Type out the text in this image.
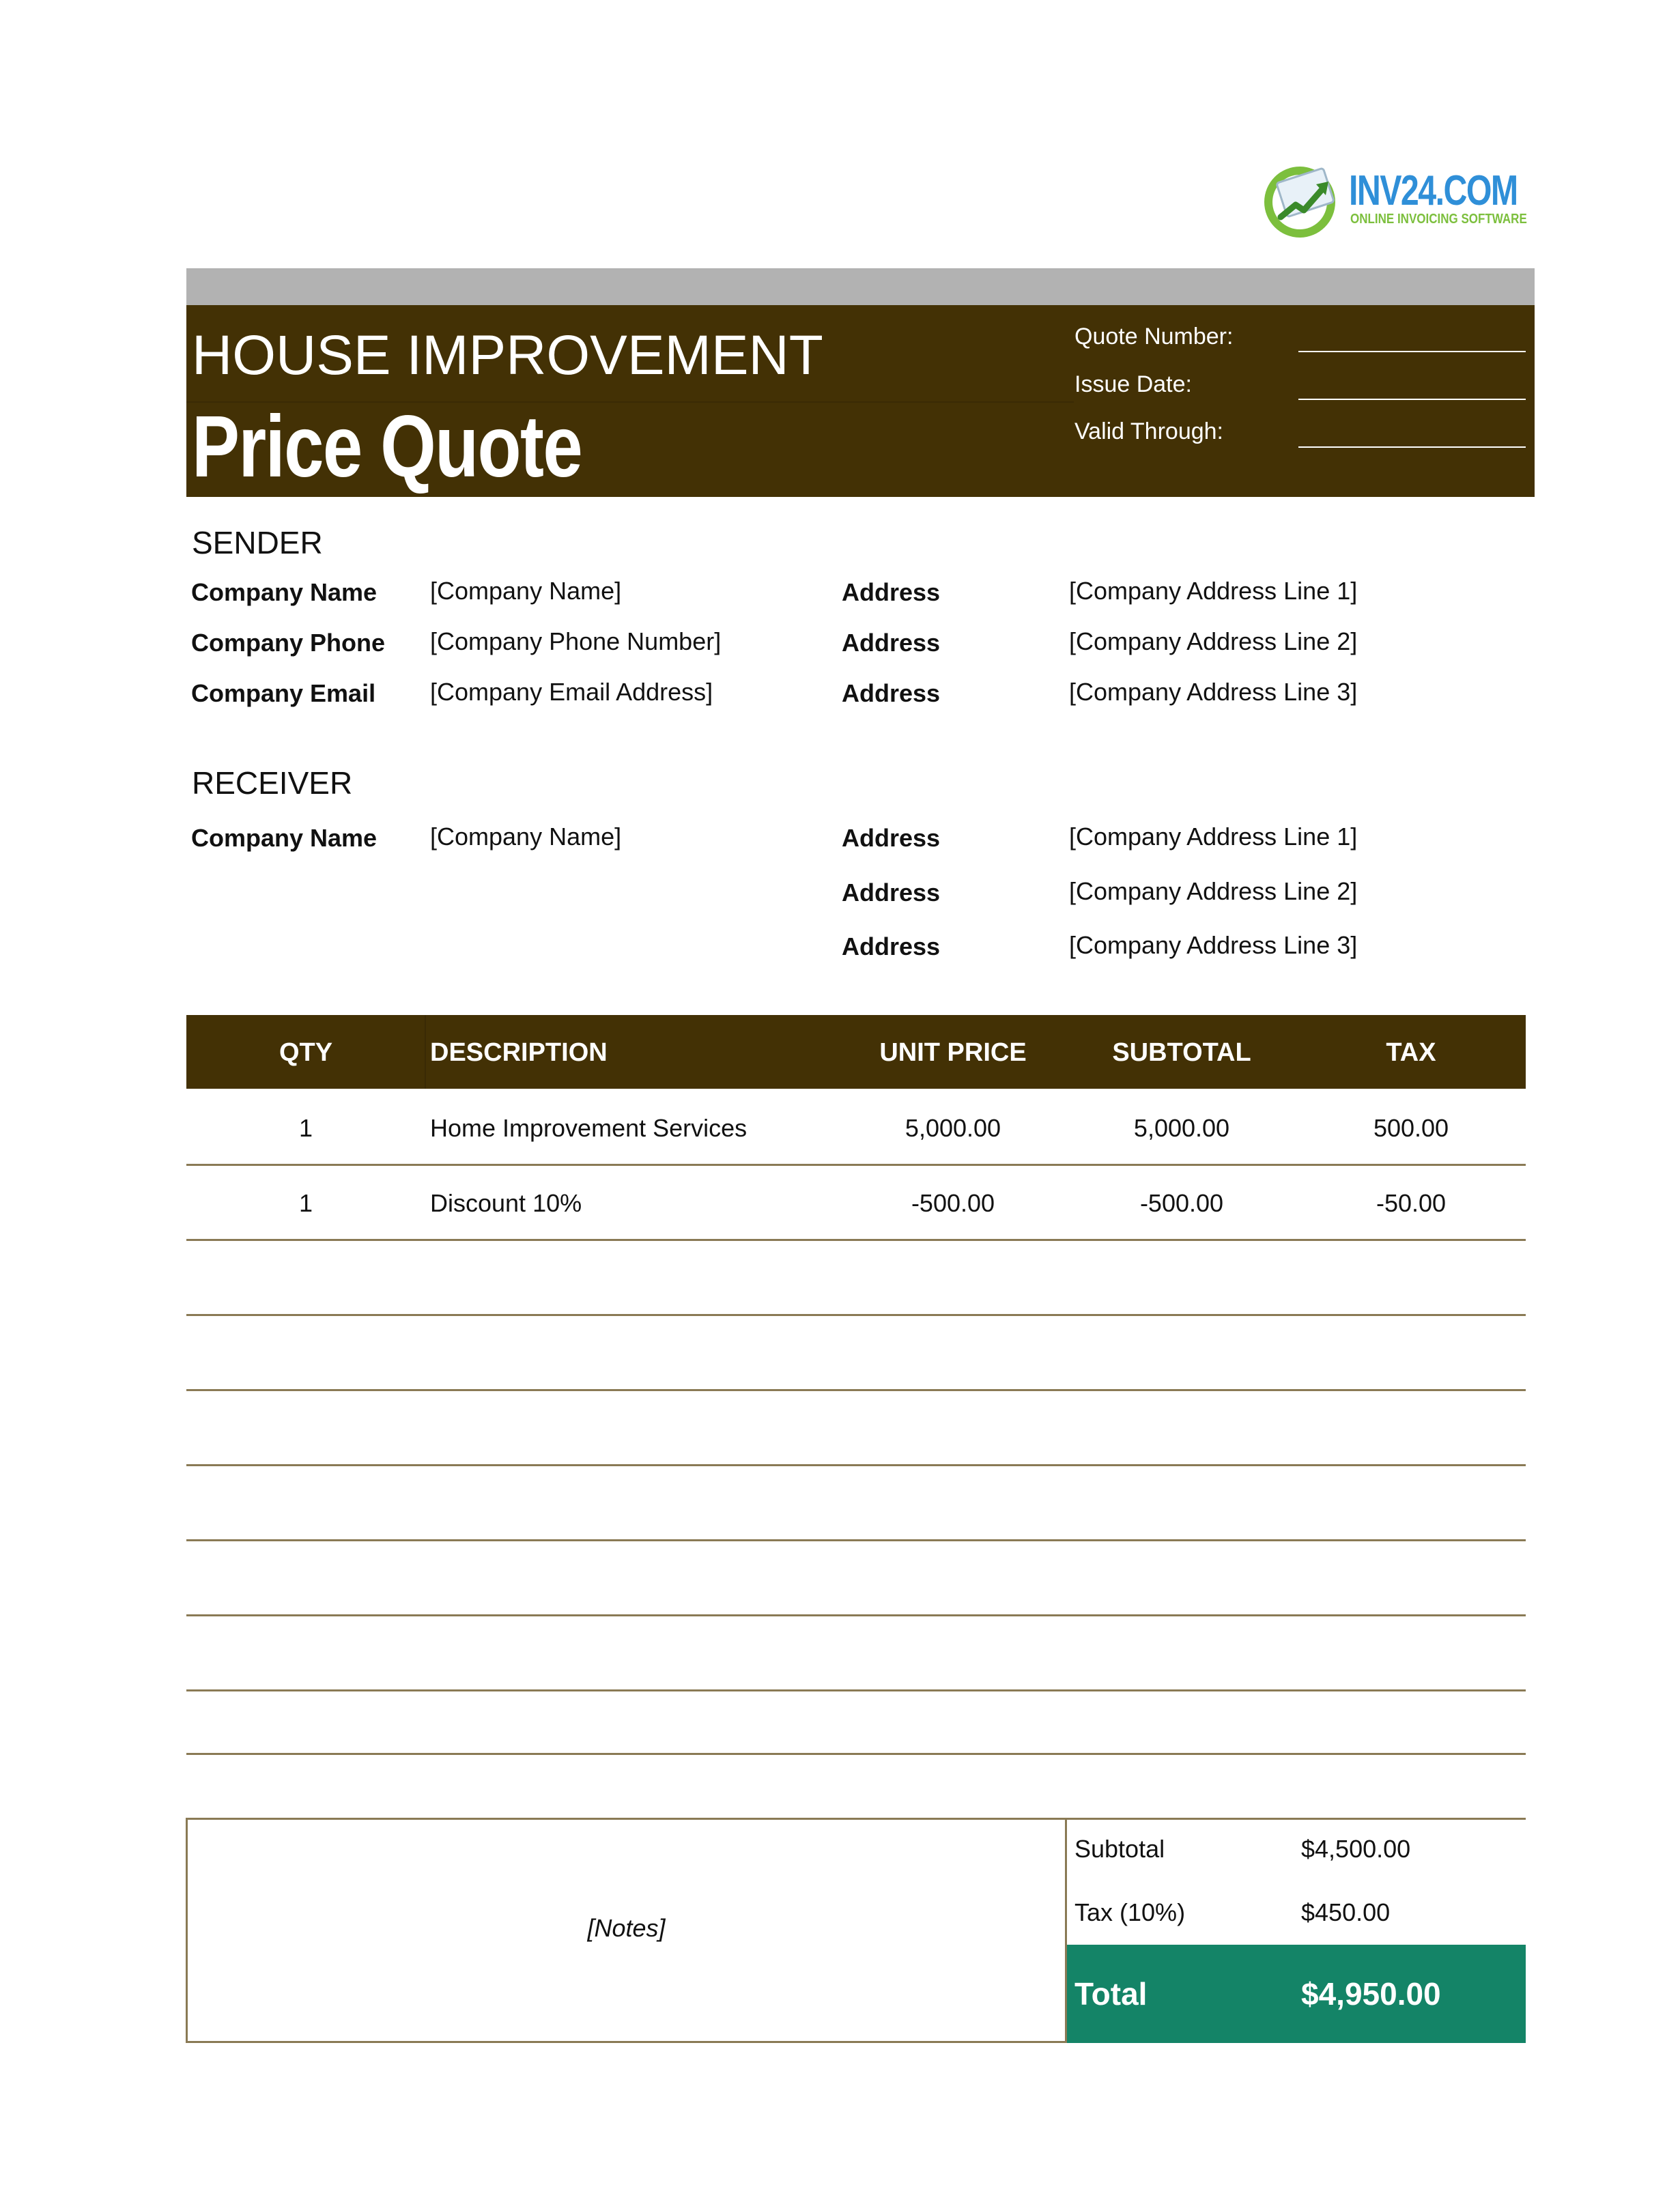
INV24.COM
ONLINE INVOICING SOFTWARE
HOUSE IMPROVEMENT
Price Quote
Quote Number:
Issue Date:
Valid Through:
SENDER
Company Name [Company Name]	Address	[Company Address Line 1]
Company Phone [Company Phone Number]	Address	[Company Address Line 2]
Company Email [Company Email Address]	Address	[Company Address Line 3]
RECEIVER
Company Name [Company Name]	Address	[Company Address Line 1]
Address	[Company Address Line 2]
Address	[Company Address Line 3]
QTY	DESCRIPTION	UNIT PRICE	SUBTOTAL	TAX
1	Home Improvement Services	5,000.00	5,000.00	500.00
1	Discount 10%	-500.00	-500.00	-50.00
[Notes]
Subtotal	$4,500.00
Tax (10%)	$450.00
Total	$4,950.00
